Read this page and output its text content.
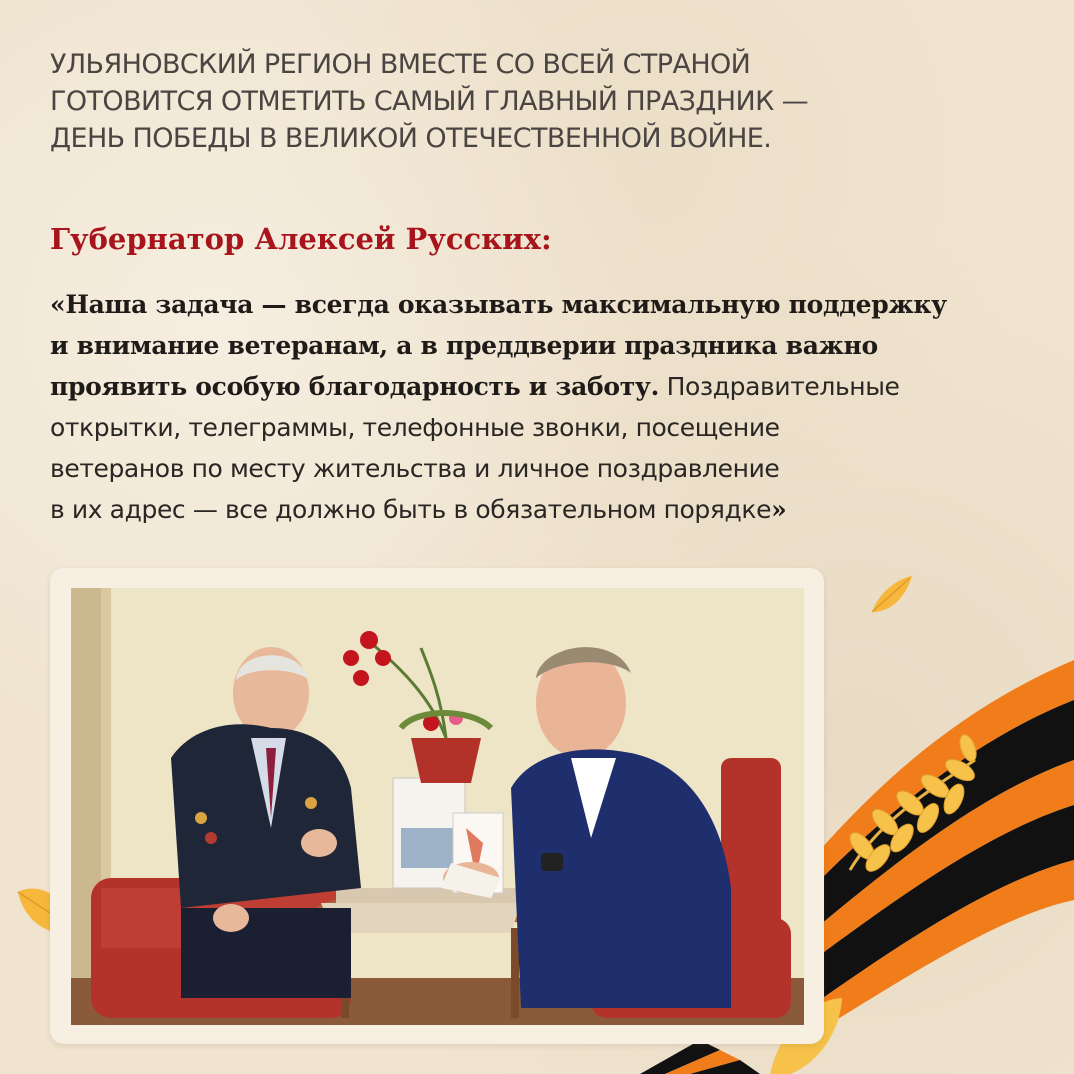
УЛЬЯНОВСКИЙ РЕГИОН ВМЕСТЕ СО ВСЕЙ СТРАНОЙ
ГОТОВИТСЯ ОТМЕТИТЬ САМЫЙ ГЛАВНЫЙ ПРАЗДНИК —
ДЕНЬ ПОБЕДЫ В ВЕЛИКОЙ ОТЕЧЕСТВЕННОЙ ВОЙНЕ.
Губернатор Алексей Русских:
«Наша задача — всегда оказывать максимальную поддержку
и внимание ветеранам, а в преддверии праздника важно
проявить особую благодарность и заботу. Поздравительные
открытки, телеграммы, телефонные звонки, посещение
ветеранов по месту жительства и личное поздравление
в их адрес — все должно быть в обязательном порядке»
